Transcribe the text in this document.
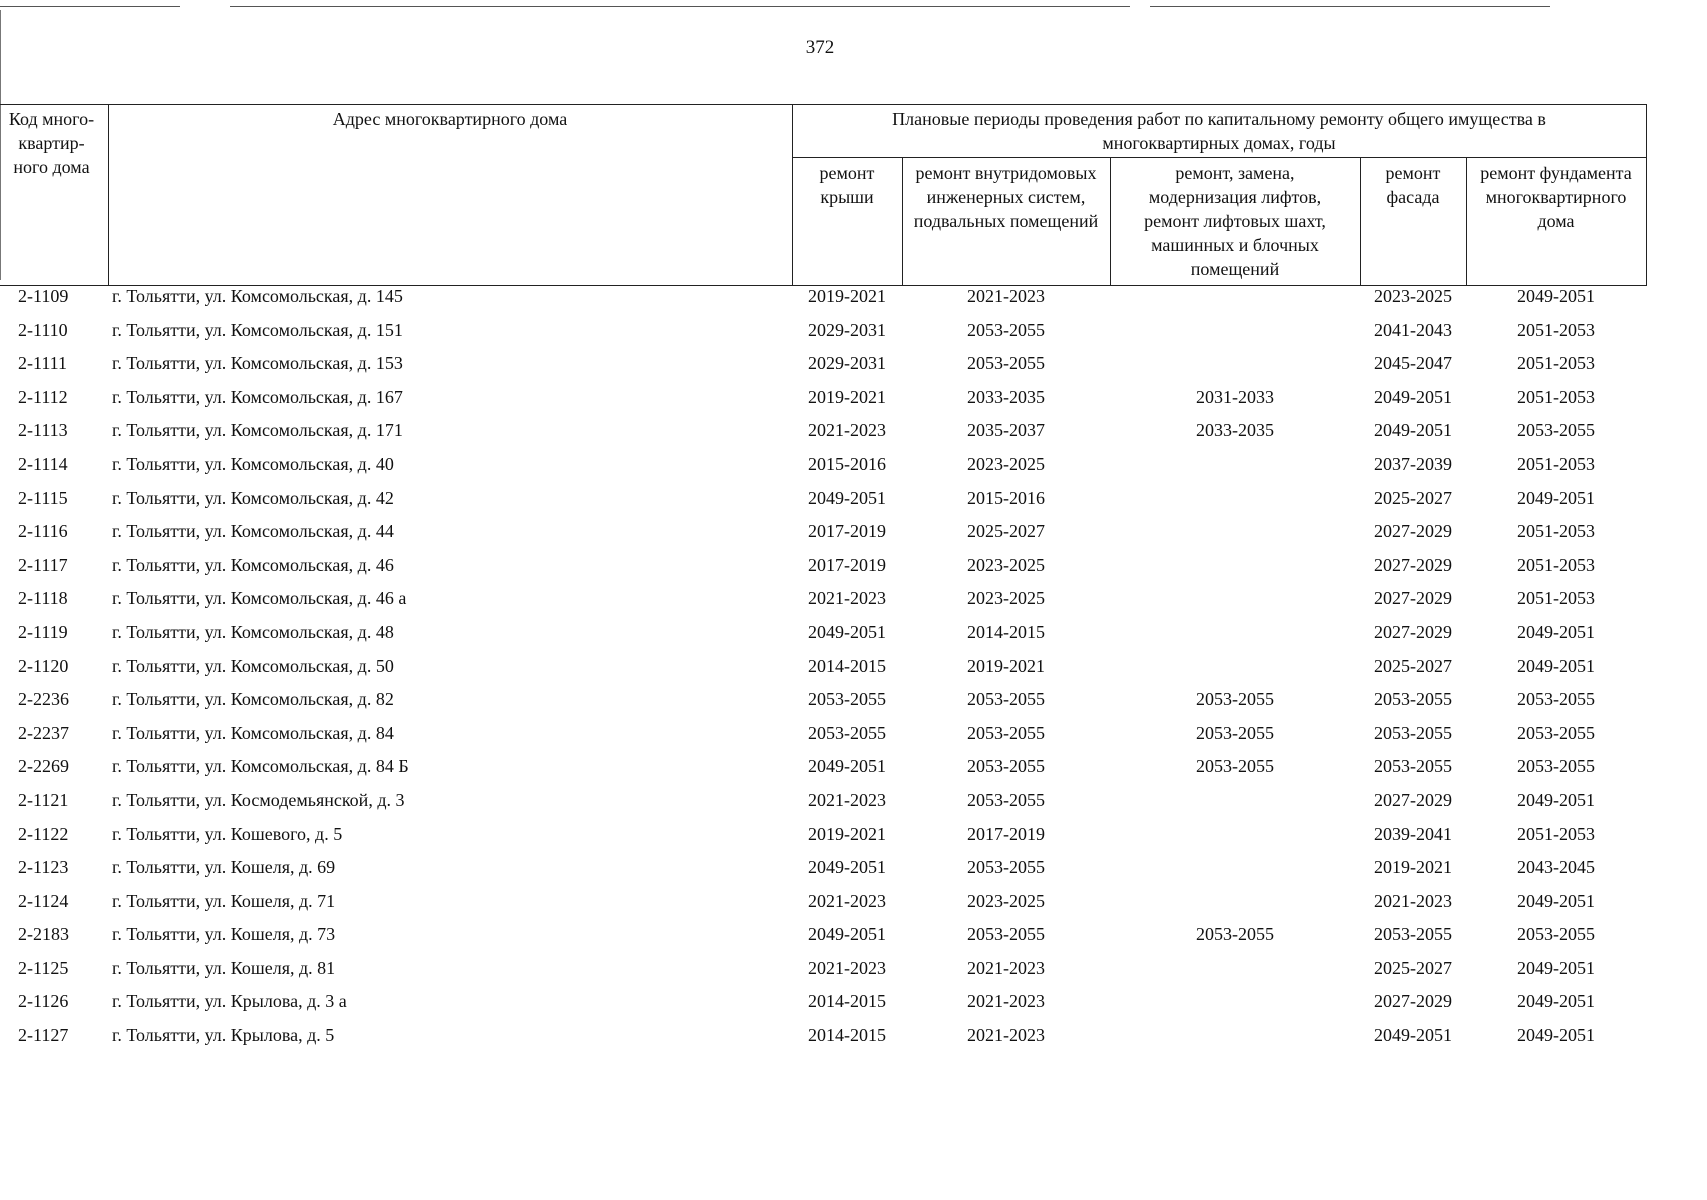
372
Код много-
квартир-
ного дома	Адрес многоквартирного дома	Плановые периоды проведения работ по капитальному ремонту общего имущества в многоквартирных домах, годы				
		ремонт крыши	ремонт внутридомовых инженерных систем, подвальных помещений	ремонт, замена, модернизация лифтов, ремонт лифтовых шахт, машинных и блочных помещений	ремонт фасада	ремонт фундамента многоквартирного дома
2-1109	г. Тольятти, ул. Комсомольская, д. 145	2019-2021	2021-2023		2023-2025	2049-2051
2-1110	г. Тольятти, ул. Комсомольская, д. 151	2029-2031	2053-2055		2041-2043	2051-2053
2-1111	г. Тольятти, ул. Комсомольская, д. 153	2029-2031	2053-2055		2045-2047	2051-2053
2-1112	г. Тольятти, ул. Комсомольская, д. 167	2019-2021	2033-2035	2031-2033	2049-2051	2051-2053
2-1113	г. Тольятти, ул. Комсомольская, д. 171	2021-2023	2035-2037	2033-2035	2049-2051	2053-2055
2-1114	г. Тольятти, ул. Комсомольская, д. 40	2015-2016	2023-2025		2037-2039	2051-2053
2-1115	г. Тольятти, ул. Комсомольская, д. 42	2049-2051	2015-2016		2025-2027	2049-2051
2-1116	г. Тольятти, ул. Комсомольская, д. 44	2017-2019	2025-2027		2027-2029	2051-2053
2-1117	г. Тольятти, ул. Комсомольская, д. 46	2017-2019	2023-2025		2027-2029	2051-2053
2-1118	г. Тольятти, ул. Комсомольская, д. 46 а	2021-2023	2023-2025		2027-2029	2051-2053
2-1119	г. Тольятти, ул. Комсомольская, д. 48	2049-2051	2014-2015		2027-2029	2049-2051
2-1120	г. Тольятти, ул. Комсомольская, д. 50	2014-2015	2019-2021		2025-2027	2049-2051
2-2236	г. Тольятти, ул. Комсомольская, д. 82	2053-2055	2053-2055	2053-2055	2053-2055	2053-2055
2-2237	г. Тольятти, ул. Комсомольская, д. 84	2053-2055	2053-2055	2053-2055	2053-2055	2053-2055
2-2269	г. Тольятти, ул. Комсомольская, д. 84 Б	2049-2051	2053-2055	2053-2055	2053-2055	2053-2055
2-1121	г. Тольятти, ул. Космодемьянской, д. 3	2021-2023	2053-2055		2027-2029	2049-2051
2-1122	г. Тольятти, ул. Кошевого, д. 5	2019-2021	2017-2019		2039-2041	2051-2053
2-1123	г. Тольятти, ул. Кошеля, д. 69	2049-2051	2053-2055		2019-2021	2043-2045
2-1124	г. Тольятти, ул. Кошеля, д. 71	2021-2023	2023-2025		2021-2023	2049-2051
2-2183	г. Тольятти, ул. Кошеля, д. 73	2049-2051	2053-2055	2053-2055	2053-2055	2053-2055
2-1125	г. Тольятти, ул. Кошеля, д. 81	2021-2023	2021-2023		2025-2027	2049-2051
2-1126	г. Тольятти, ул. Крылова, д. 3 а	2014-2015	2021-2023		2027-2029	2049-2051
2-1127	г. Тольятти, ул. Крылова, д. 5	2014-2015	2021-2023		2049-2051	2049-2051
